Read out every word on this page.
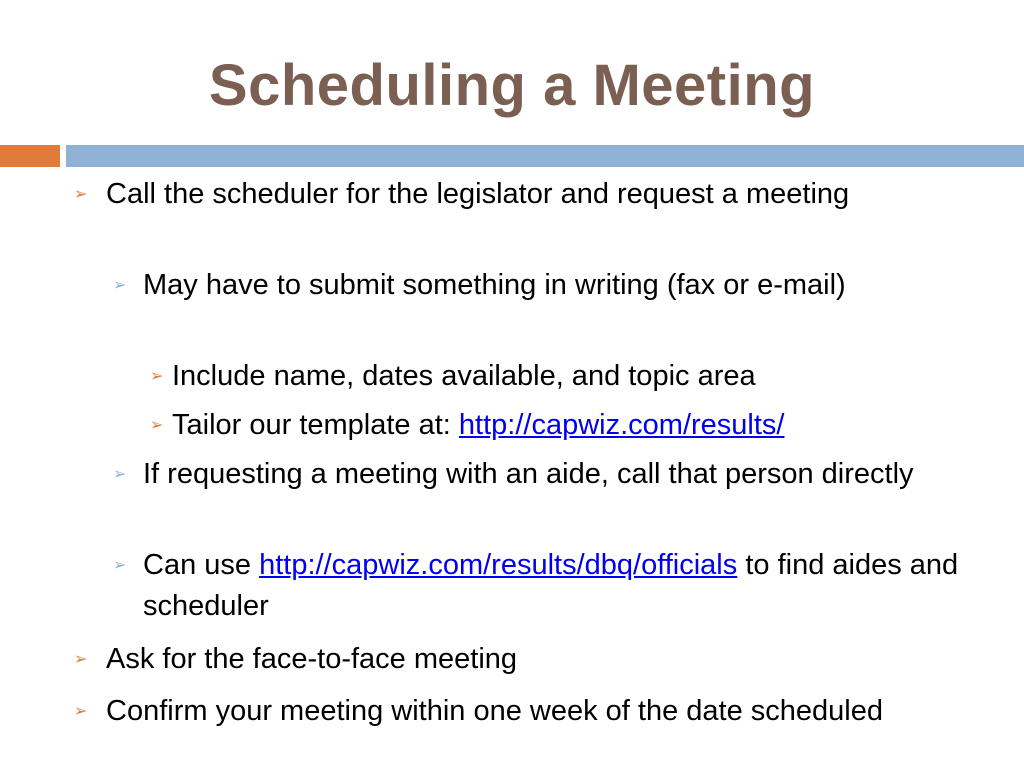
Scheduling a Meeting
➢ Call the scheduler for the legislator and request a meeting
➢ May have to submit something in writing (fax or e-mail)
➢ Include name, dates available, and topic area
➢ Tailor our template at: http://capwiz.com/results/
➢ If requesting a meeting with an aide, call that person directly
➢ Can use http://capwiz.com/results/dbq/officials to find aides and scheduler
➢ Ask for the face-to-face meeting
➢ Confirm your meeting within one week of the date scheduled
